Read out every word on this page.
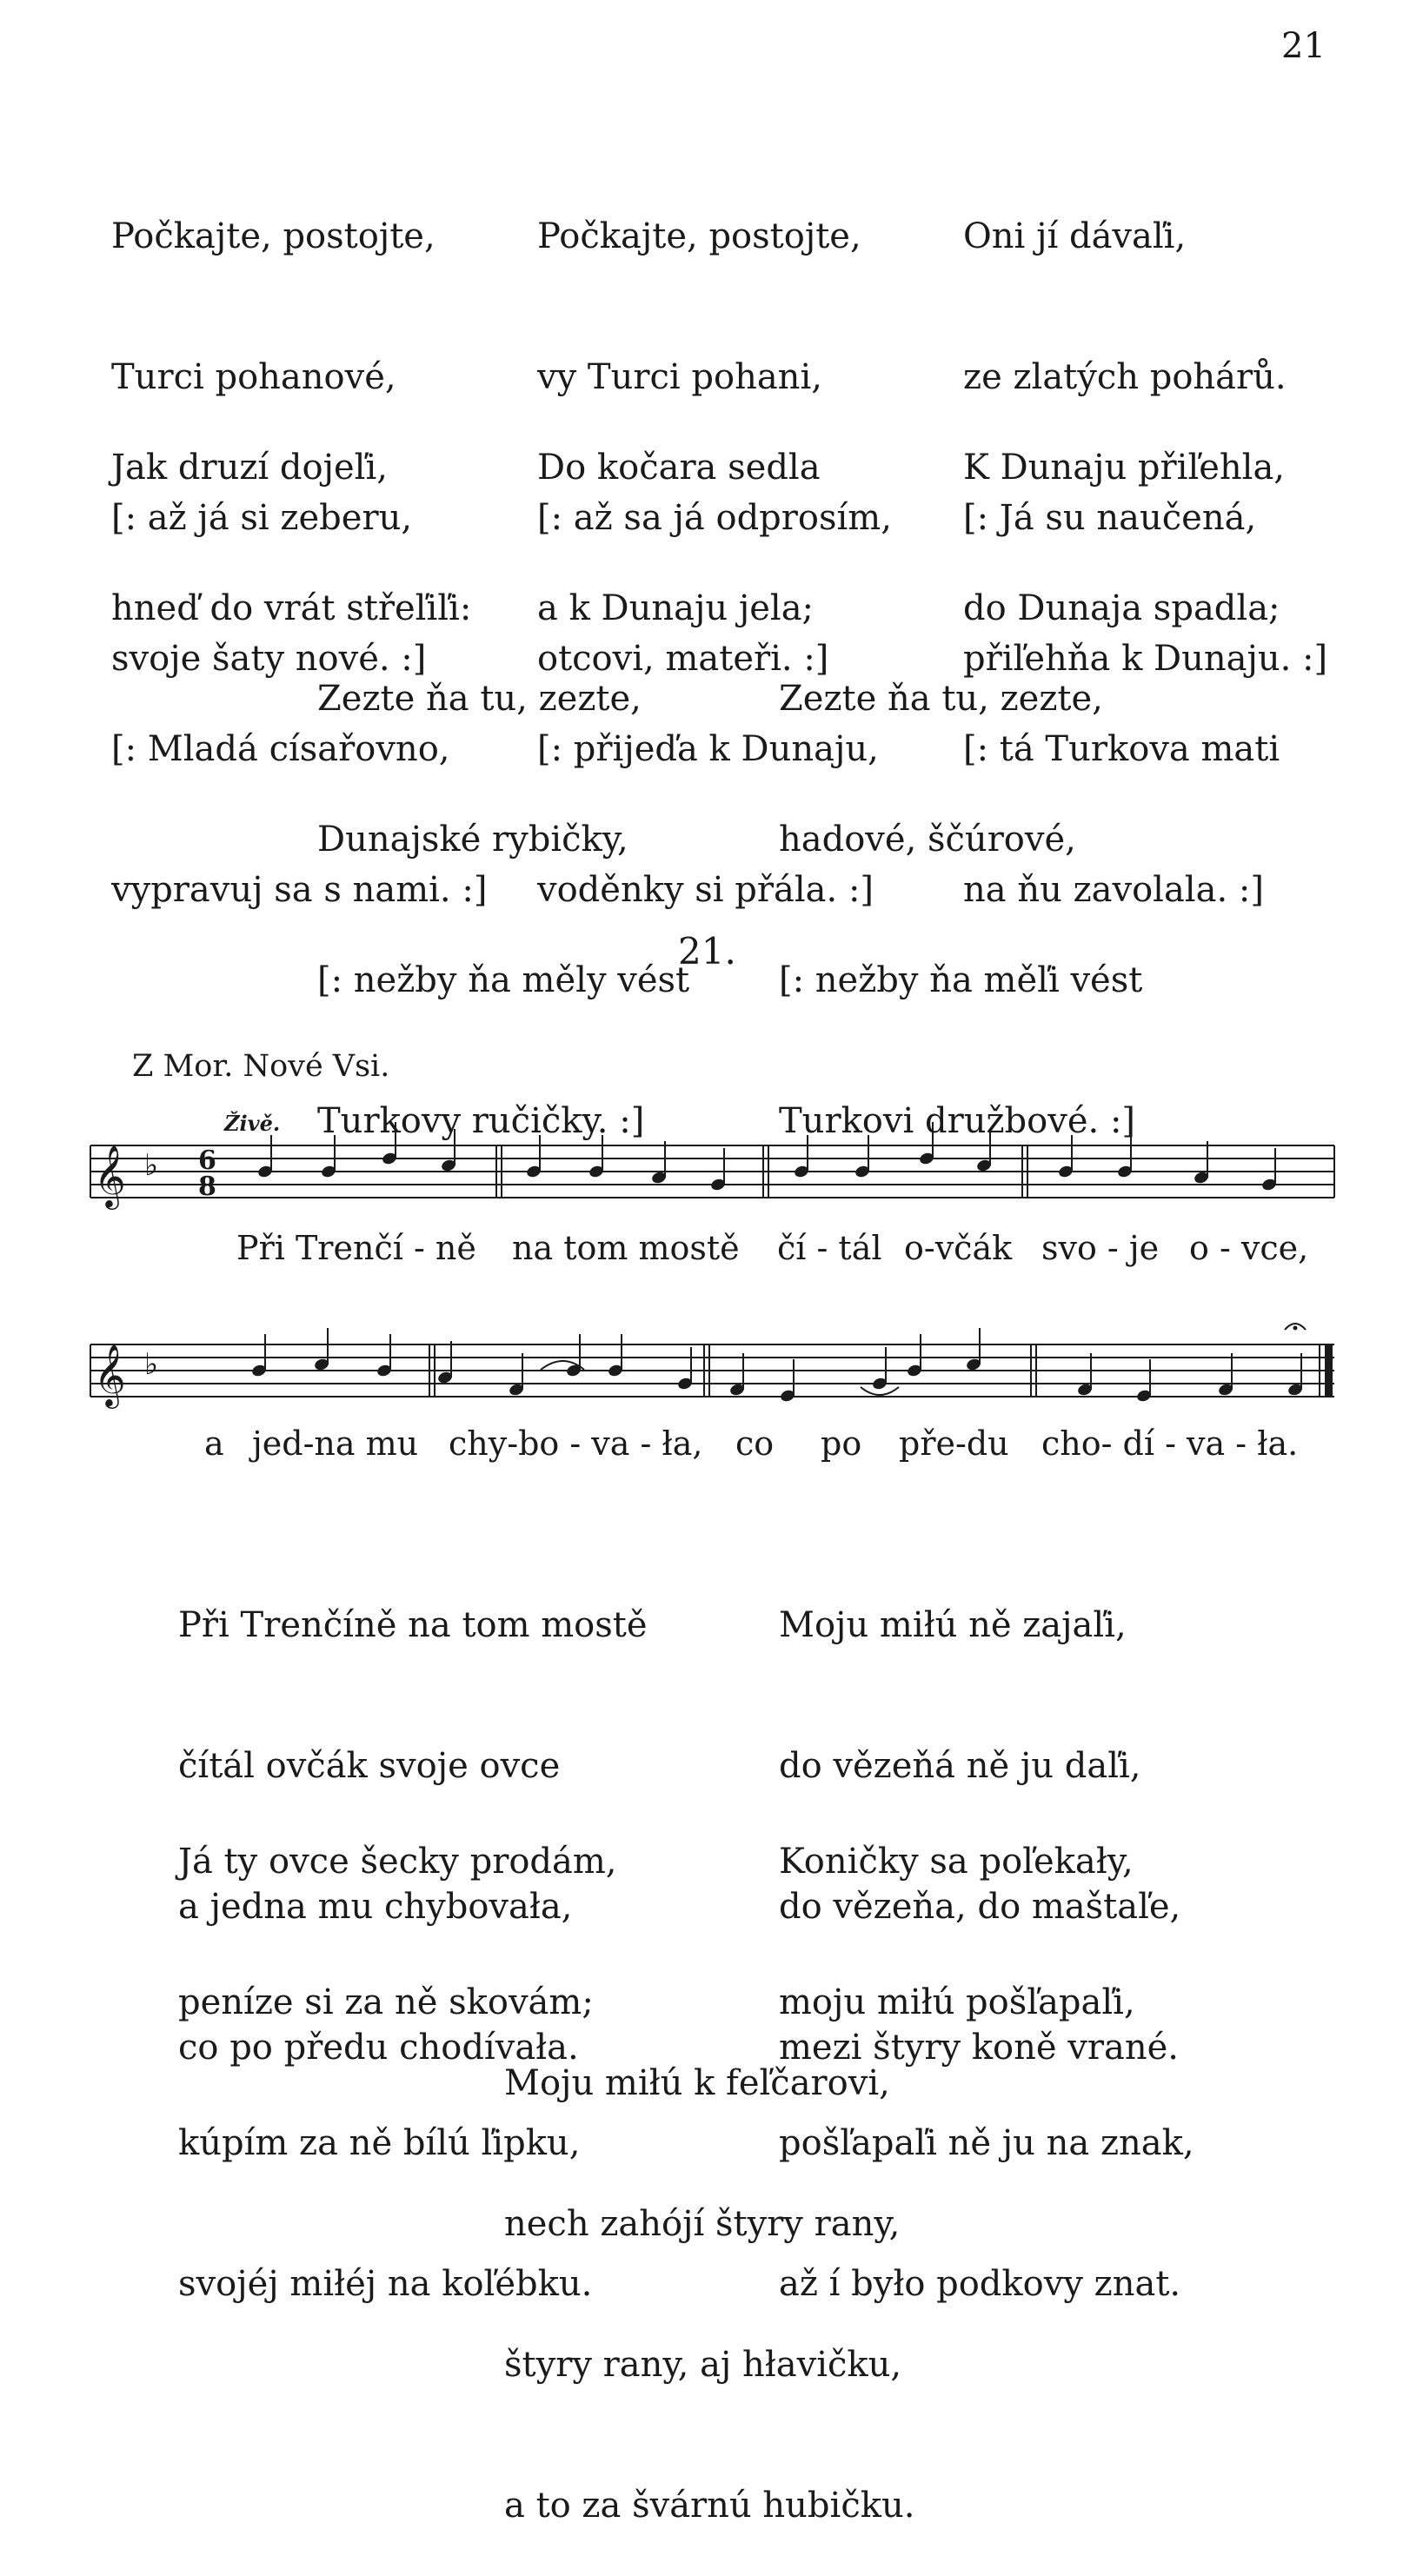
21

Počkajte, postojte,

Turci pohanové,

[: až já si zeberu,

svoje šaty nové. :]

Počkajte, postojte,

vy Turci pohani,

[: až sa já odprosím,

otcovi, mateři. :]

Oni jí dávaľi,

ze zlatých pohárů.

[: Já su naučená,

přiľehňa k Dunaju. :]

Jak druzí dojeľi,

hneď do vrát střeľiľi:

[: Mladá císařovno,

vypravuj sa s nami. :]

Do kočara sedla

a k Dunaju jela;

[: přijeďa k Dunaju,

voděnky si přála. :]

K Dunaju přiľehla,

do Dunaja spadla;

[: tá Turkova mati

na ňu zavolala. :]

Zezte ňa tu, zezte,

Dunajské rybičky,

[: nežby ňa měly vést

Turkovy ručičky. :]

Zezte ňa tu, zezte,

hadové, ščúrové,

[: nežby ňa měľi vést

Turkovi družbové. :]

21.
Z Mor. Nové Vsi.
Živě.
𝄞
𝄞
♭
♭
6
8
Při Trenčí - ně na tom mostě čí - tál o-včák svo - je o - vce,
a jed-na mu chy-bo - va - ła, co po pře-du cho- dí - va - ła.

Při Trenčíně na tom mostě

čítál ovčák svoje ovce

a jedna mu chybovała,

co po předu chodívała.

Moju miłú ně zajaľi,

do vězeňá ně ju daľi,

do vězeňa, do maštaľe,

mezi štyry koně vrané.

Já ty ovce šecky prodám,

peníze si za ně skovám;

kúpím za ně bílú ľipku,

svojéj miłéj na koľébku.

Koničky sa poľekały,

moju miłú pošľapaľi,

pošľapaľi ně ju na znak,

až í było podkovy znat.

Moju miłú k feľčarovi,

nech zahójí štyry rany,

štyry rany, aj hłavičku,

a to za švárnú hubičku.
